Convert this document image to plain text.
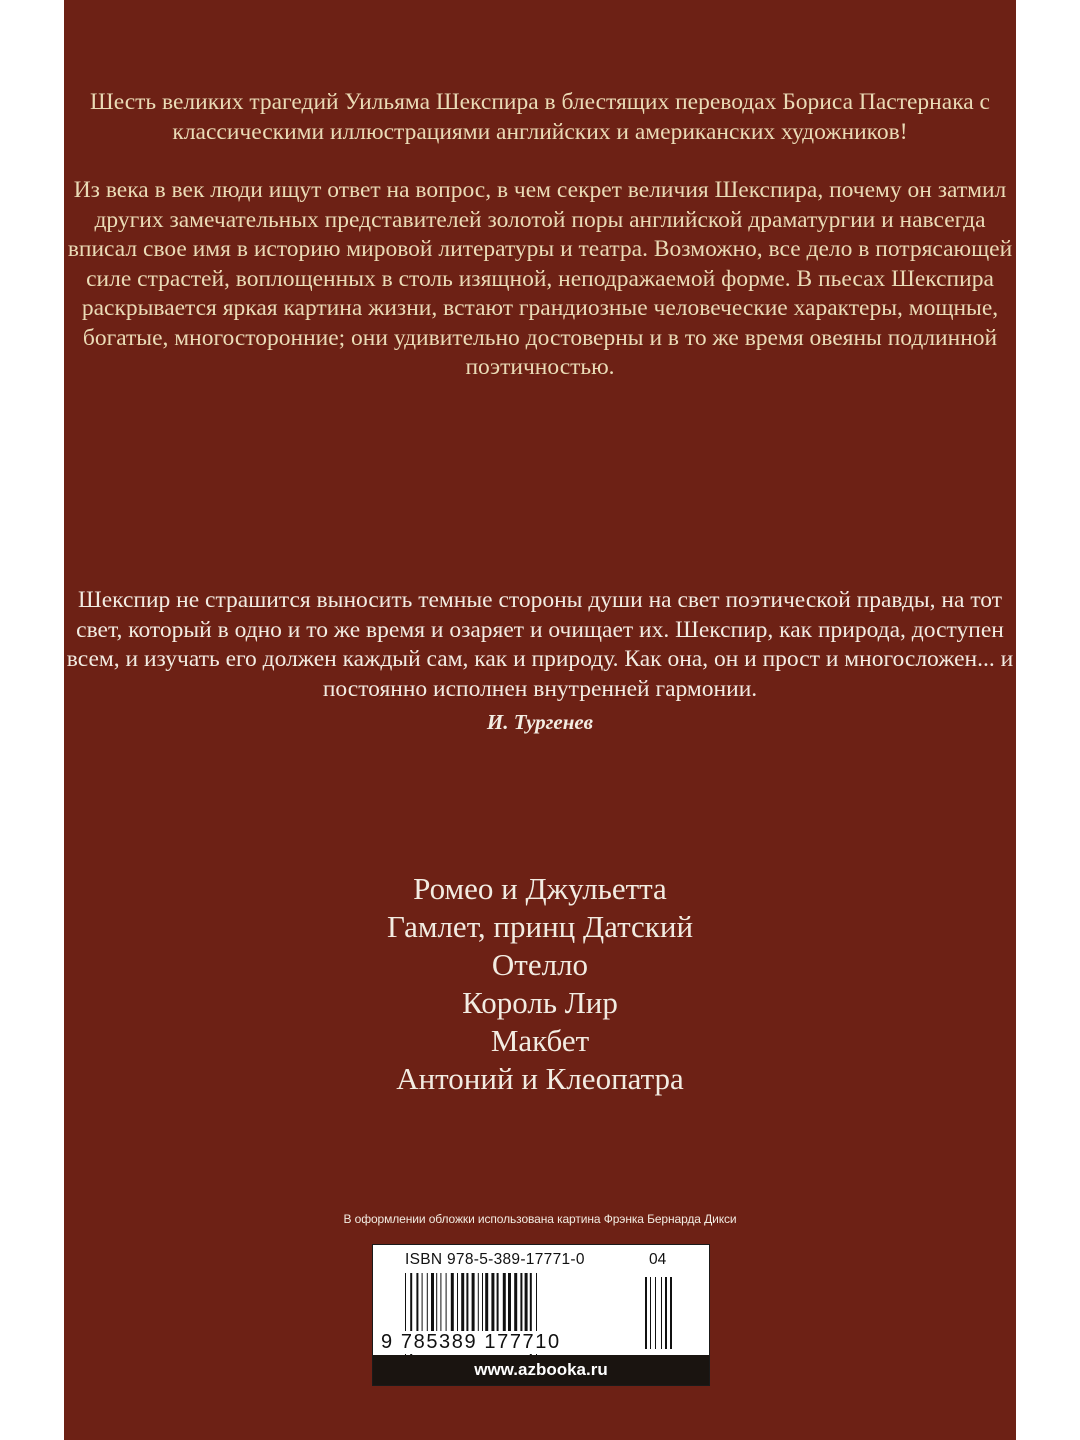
Шесть великих трагедий Уильяма Шекспира в блестящих переводах Бориса Пастернака с классическими иллюстрациями английских и американских художников!

Из века в век люди ищут ответ на вопрос, в чем секрет величия Шекспира, почему он затмил других замечательных представителей золотой поры английской драматургии и навсегда вписал свое имя в историю мировой литературы и театра. Возможно, все дело в потрясающей силе страстей, воплощенных в столь изящной, неподражаемой форме. В пьесах Шекспира раскрывается яркая картина жизни, встают грандиозные человеческие характеры, мощные, богатые, многосторонние; они удивительно достоверны и в то же время овеяны подлинной поэтичностью.

Шекспир не страшится выносить темные стороны души на свет поэтической правды, на тот свет, который в одно и то же время и озаряет и очищает их. Шекспир, как природа, доступен всем, и изучать его должен каждый сам, как и природу. Как она, он и прост и многосложен... и постоянно исполнен внутренней гармонии.

И. Тургенев
Ромео и Джульетта
Гамлет, принц Датский
Отелло
Король Лир
Макбет
Антоний и Клеопатра
В оформлении обложки использована картина Фрэнка Бернарда Дикси
ISBN 978-5-389-17771-0	04
9 785389 177710
www.azbooka.ru
